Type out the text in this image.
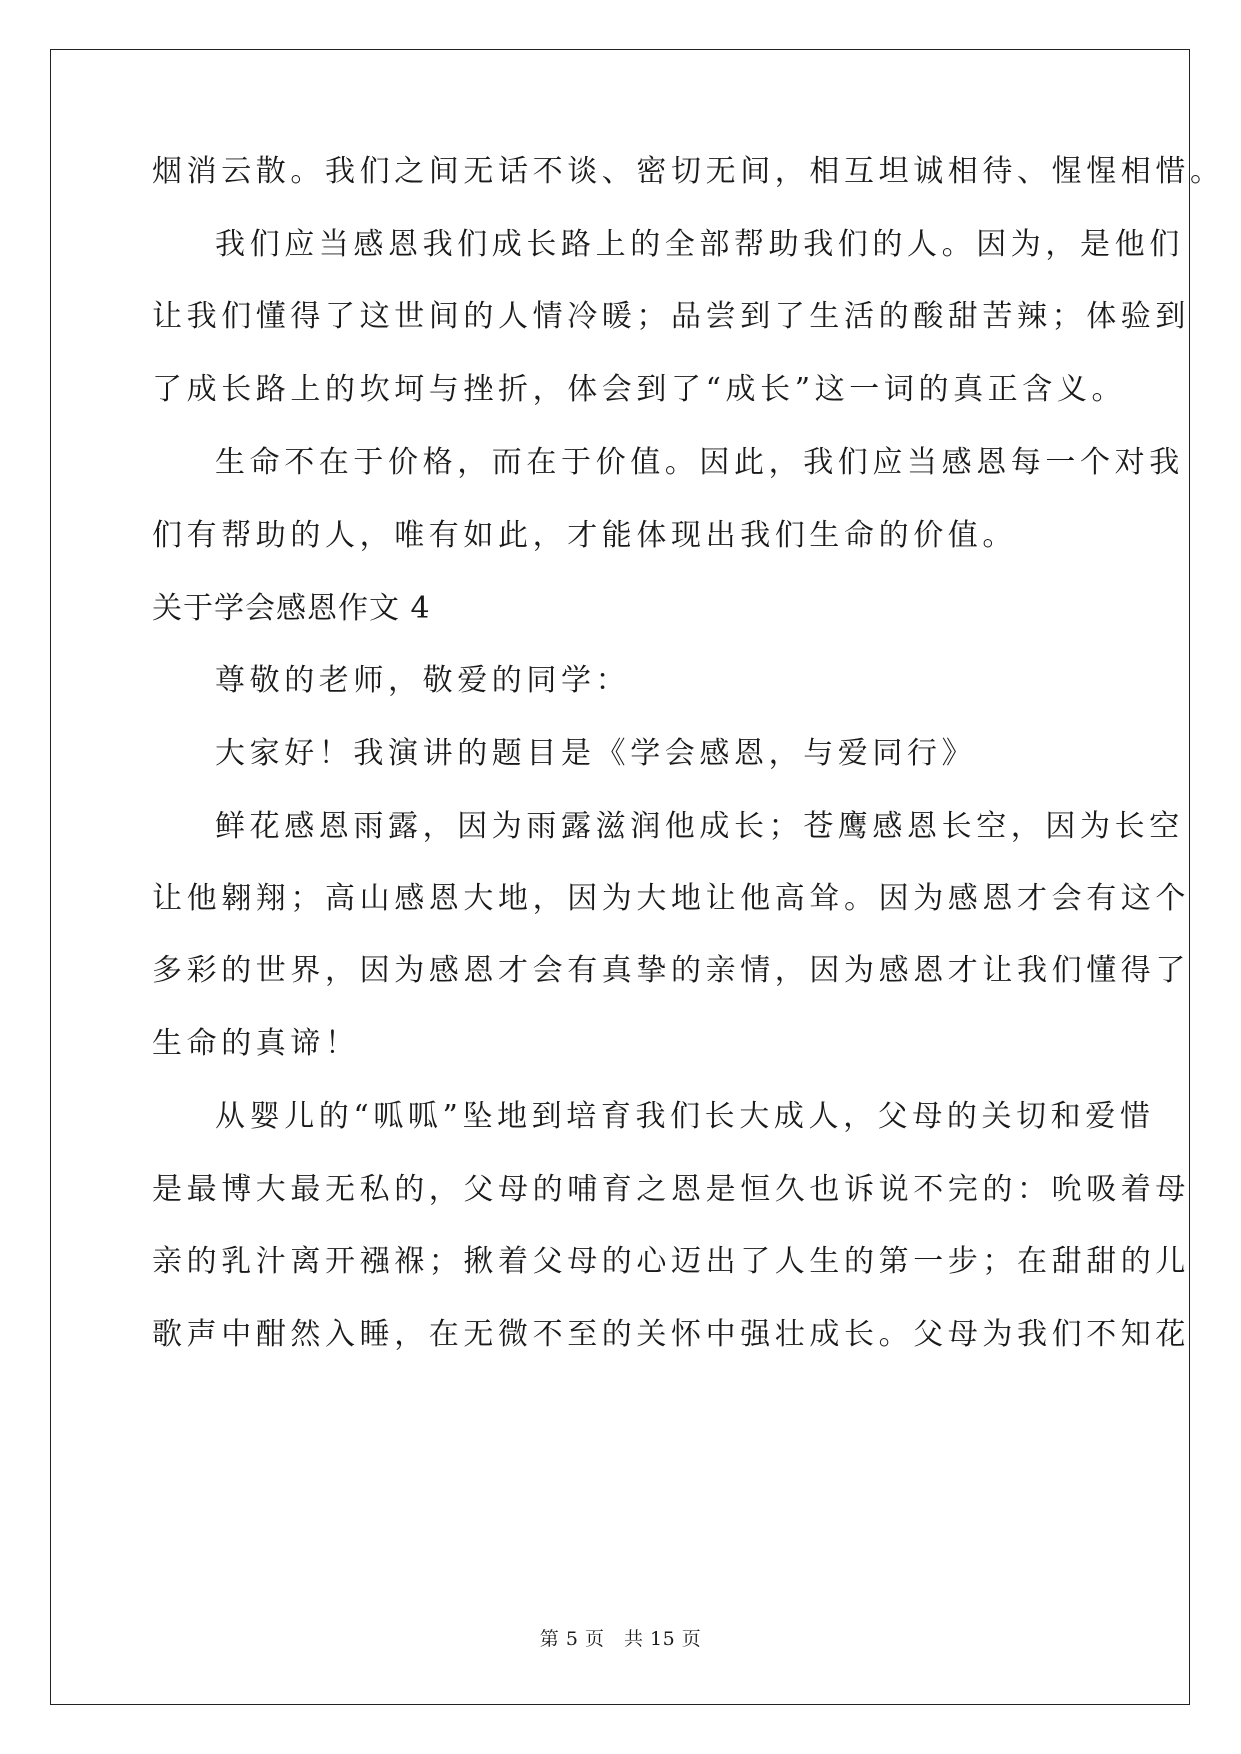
烟消云散。我们之间无话不谈、密切无间，相互坦诚相待、惺惺相惜。
我们应当感恩我们成长路上的全部帮助我们的人。因为，是他们
让我们懂得了这世间的人情冷暖；品尝到了生活的酸甜苦辣；体验到
了成长路上的坎坷与挫折，体会到了“成长”这一词的真正含义。
生命不在于价格，而在于价值。因此，我们应当感恩每一个对我
们有帮助的人，唯有如此，才能体现出我们生命的价值。
关于学会感恩作文 4
尊敬的老师，敬爱的同学：
大家好！我演讲的题目是《学会感恩，与爱同行》
鲜花感恩雨露，因为雨露滋润他成长；苍鹰感恩长空，因为长空
让他翱翔；高山感恩大地，因为大地让他高耸。因为感恩才会有这个
多彩的世界，因为感恩才会有真挚的亲情，因为感恩才让我们懂得了
生命的真谛！
从婴儿的“呱呱”坠地到培育我们长大成人，父母的关切和爱惜
是最博大最无私的，父母的哺育之恩是恒久也诉说不完的：吮吸着母
亲的乳汁离开襁褓；揪着父母的心迈出了人生的第一步；在甜甜的儿
歌声中酣然入睡，在无微不至的关怀中强壮成长。父母为我们不知花
第 5 页　共 15 页
